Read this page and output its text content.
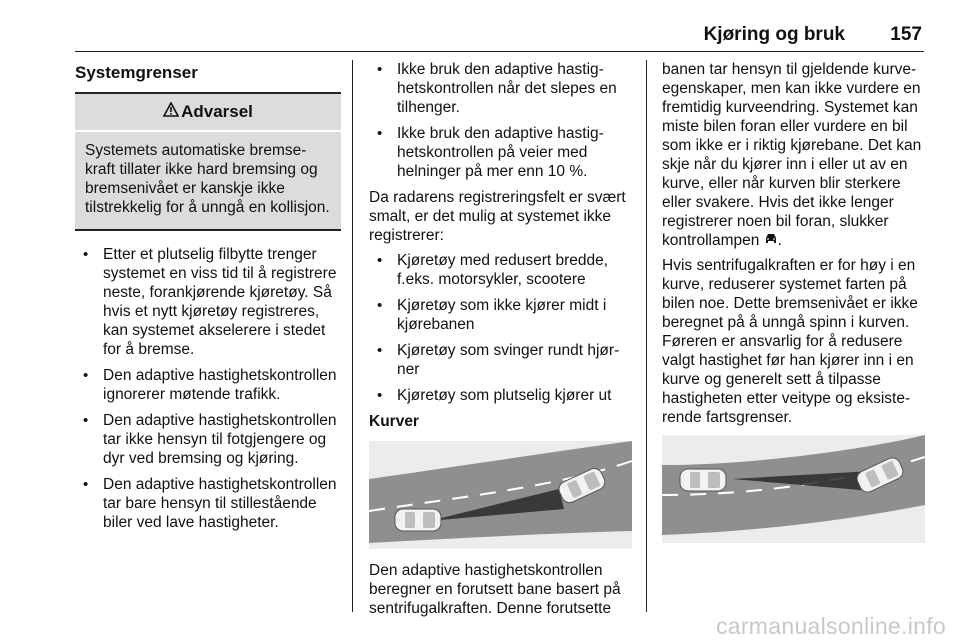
Kjøring og bruk 157
Systemgrenser
Advarsel
Systemets automatiske bremsekraft tillater ikke hard bremsing og bremsenivået er kanskje ikke tilstrekkelig for å unngå en kollisjon.
• Etter et plutselig filbytte trenger systemet en viss tid til å registrere neste, forankjørende kjøretøy. Så hvis et nytt kjøretøy registreres, kan systemet akselerere i stedet for å bremse.
• Den adaptive hastighetskontrollen ignorerer møtende trafikk.
• Den adaptive hastighetskontrollen tar ikke hensyn til fotgjengere og dyr ved bremsing og kjøring.
• Den adaptive hastighetskontrollen tar bare hensyn til stillestående biler ved lave hastigheter.
• Ikke bruk den adaptive hastighetskontrollen når det slepes en tilhenger.
• Ikke bruk den adaptive hastighetskontrollen på veier med helninger på mer enn 10 %.

Da radarens registreringsfelt er svært smalt, er det mulig at systemet ikke registrerer:

• Kjøretøy med redusert bredde, f.eks. motorsykler, scootere
• Kjøretøy som ikke kjører midt i kjørebanen
• Kjøretøy som svinger rundt hjørner
• Kjøretøy som plutselig kjører ut
Kurver

Den adaptive hastighetskontrollen beregner en forutsett bane basert på sentrifugalkraften. Denne forutsette

banen tar hensyn til gjeldende kurveegenskaper, men kan ikke vurdere en fremtidig kurveendring. Systemet kan miste bilen foran eller vurdere en bil som ikke er i riktig kjørebane. Det kan skje når du kjører inn i eller ut av en kurve, eller når kurven blir sterkere eller svakere. Hvis det ikke lenger registrerer noen bil foran, slukker kontrollampen .

Hvis sentrifugalkraften er for høy i en kurve, reduserer systemet farten på bilen noe. Dette bremsenivået er ikke beregnet på å unngå spinn i kurven. Føreren er ansvarlig for å redusere valgt hastighet før han kjører inn i en kurve og generelt sett å tilpasse hastigheten etter veitype og eksisterende fartsgrenser.

carmanualsonline.info
